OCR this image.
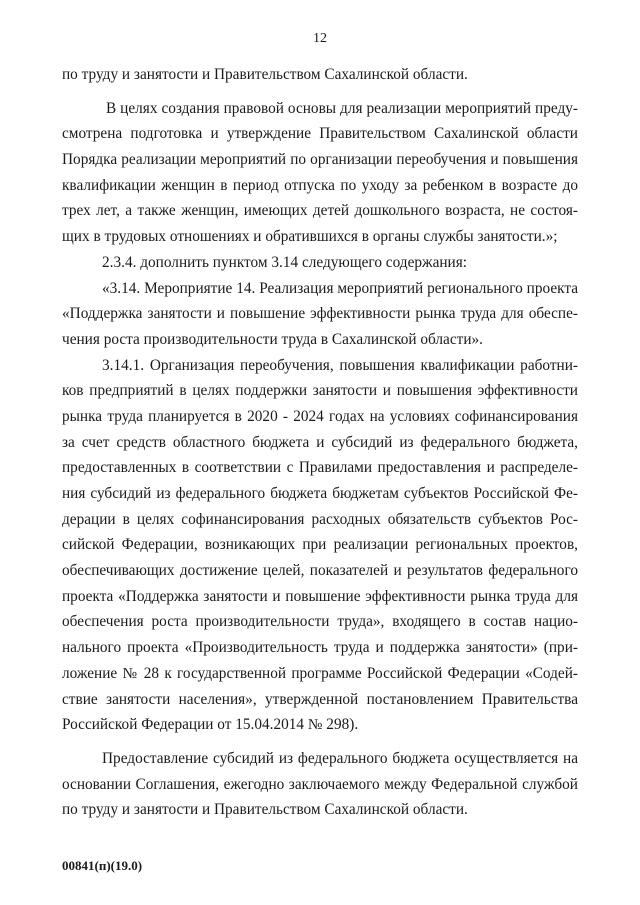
12
по труду и занятости и Правительством Сахалинской области.
В целях создания правовой основы для реализации мероприятий преду-
смотрена подготовка и утверждение Правительством Сахалинской области
Порядка реализации мероприятий по организации переобучения и повышения
квалификации женщин в период отпуска по уходу за ребенком в возрасте до
трех лет, а также женщин, имеющих детей дошкольного возраста, не состоя-
щих в трудовых отношениях и обратившихся в органы службы занятости.»;
2.3.4. дополнить пунктом 3.14 следующего содержания:
«3.14. Мероприятие 14. Реализация мероприятий регионального проекта
«Поддержка занятости и повышение эффективности рынка труда для обеспе-
чения роста производительности труда в Сахалинской области».
3.14.1. Организация переобучения, повышения квалификации работни-
ков предприятий в целях поддержки занятости и повышения эффективности
рынка труда планируется в 2020 - 2024 годах на условиях софинансирования
за счет средств областного бюджета и субсидий из федерального бюджета,
предоставленных в соответствии с Правилами предоставления и распределе-
ния субсидий из федерального бюджета бюджетам субъектов Российской Фе-
дерации в целях софинансирования расходных обязательств субъектов Рос-
сийской Федерации, возникающих при реализации региональных проектов,
обеспечивающих достижение целей, показателей и результатов федерального
проекта «Поддержка занятости и повышение эффективности рынка труда для
обеспечения роста производительности труда», входящего в состав нацио-
нального проекта «Производительность труда и поддержка занятости» (при-
ложение № 28 к государственной программе Российской Федерации «Содей-
ствие занятости населения», утвержденной постановлением Правительства
Российской Федерации от 15.04.2014 № 298).
Предоставление субсидий из федерального бюджета осуществляется на
основании Соглашения, ежегодно заключаемого между Федеральной службой
по труду и занятости и Правительством Сахалинской области.
00841(п)(19.0)
